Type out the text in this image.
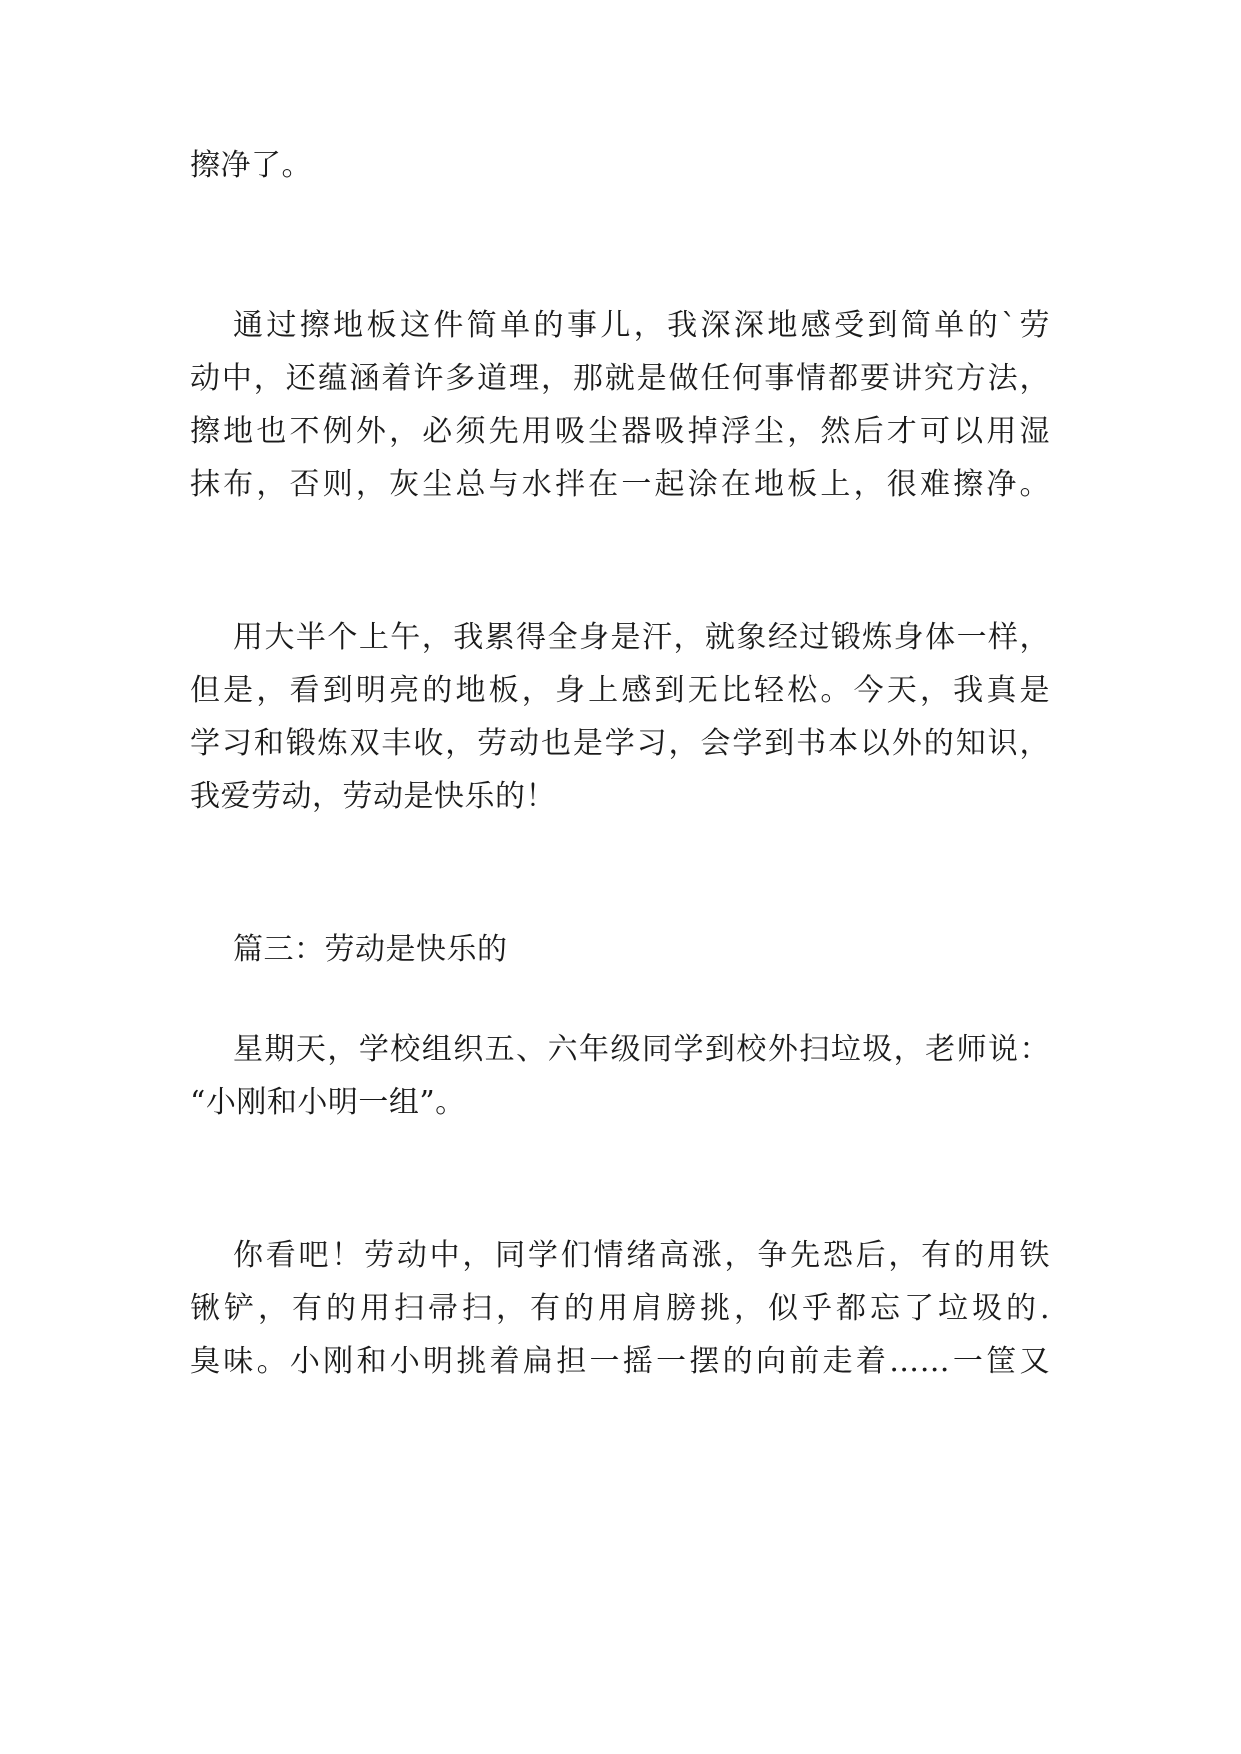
擦净了。
通过擦地板这件简单的事儿，我深深地感受到简单的`劳
动中，还蕴涵着许多道理，那就是做任何事情都要讲究方法，
擦地也不例外，必须先用吸尘器吸掉浮尘，然后才可以用湿
抹布，否则，灰尘总与水拌在一起涂在地板上，很难擦净。
用大半个上午，我累得全身是汗，就象经过锻炼身体一样，
但是，看到明亮的地板，身上感到无比轻松。今天，我真是
学习和锻炼双丰收，劳动也是学习，会学到书本以外的知识，
我爱劳动，劳动是快乐的！
篇三：劳动是快乐的
星期天，学校组织五、六年级同学到校外扫垃圾，老师说：
“小刚和小明一组”。
你看吧！劳动中，同学们情绪高涨，争先恐后，有的用铁
锹铲，有的用扫帚扫，有的用肩膀挑，似乎都忘了垃圾的.
臭味。小刚和小明挑着扁担一摇一摆的向前走着……一筐又
